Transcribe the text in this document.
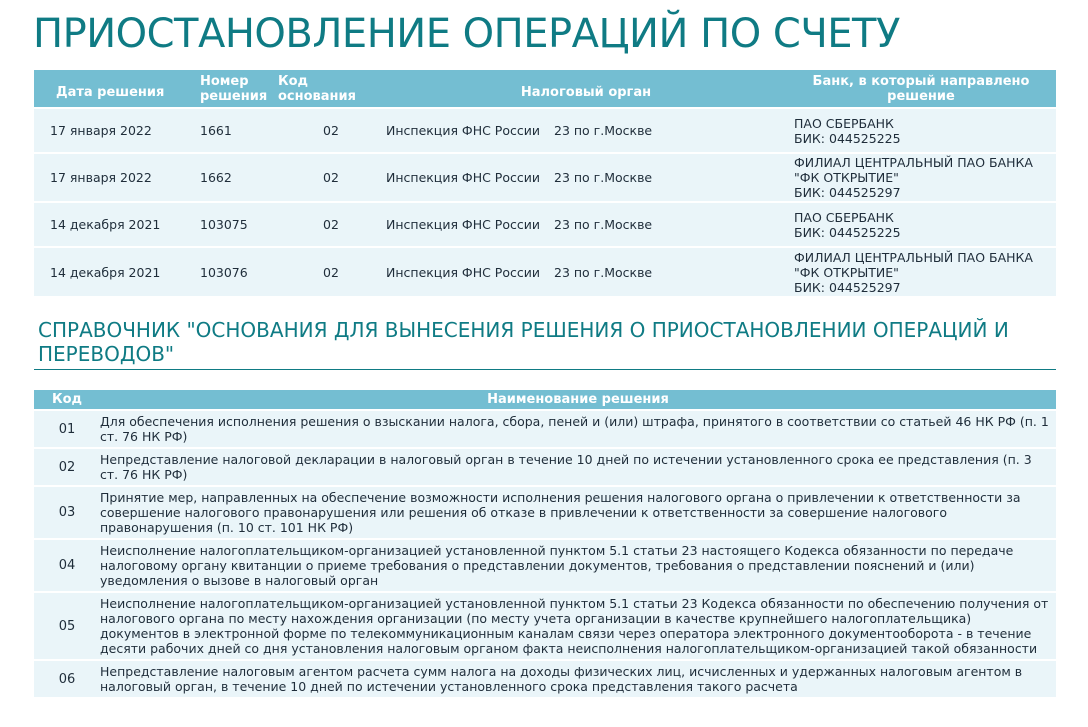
ПРИОСТАНОВЛЕНИЕ ОПЕРАЦИЙ ПО СЧЕТУ
Дата решения	Номер решения	Код основания	Налоговый орган	Банк, в который направлено решение
17 января 2022	1661	02	Инспекция ФНС России 23 по г.Москве	ПАО СБЕРБАНК
БИК: 044525225

17 января 2022	1662	02	Инспекция ФНС России 23 по г.Москве	ФИЛИАЛ ЦЕНТРАЛЬНЫЙ ПАО БАНКА "ФК ОТКРЫТИЕ"
БИК: 044525297

14 декабря 2021	103075	02	Инспекция ФНС России 23 по г.Москве	ПАО СБЕРБАНК
БИК: 044525225

14 декабря 2021	103076	02	Инспекция ФНС России 23 по г.Москве	ФИЛИАЛ ЦЕНТРАЛЬНЫЙ ПАО БАНКА "ФК ОТКРЫТИЕ"
БИК: 044525297
СПРАВОЧНИК "ОСНОВАНИЯ ДЛЯ ВЫНЕСЕНИЯ РЕШЕНИЯ О ПРИОСТАНОВЛЕНИИ ОПЕРАЦИЙ И ПЕРЕВОДОВ"
Код	Наименование решения
01	Для обеспечения исполнения решения о взыскании налога, сбора, пеней и (или) штрафа, принятого в соответствии со статьей 46 НК РФ (п. 1 ст. 76 НК РФ)
02	Непредставление налоговой декларации в налоговый орган в течение 10 дней по истечении установленного срока ее представления (п. 3 ст. 76 НК РФ)
03	Принятие мер, направленных на обеспечение возможности исполнения решения налогового органа о привлечении к ответственности за совершение налогового правонарушения или решения об отказе в привлечении к ответственности за совершение налогового правонарушения (п. 10 ст. 101 НК РФ)
04	Неисполнение налогоплательщиком-организацией установленной пунктом 5.1 статьи 23 настоящего Кодекса обязанности по передаче налоговому органу квитанции о приеме требования о представлении документов, требования о представлении пояснений и (или) уведомления о вызове в налоговый орган
05	Неисполнение налогоплательщиком-организацией установленной пунктом 5.1 статьи 23 Кодекса обязанности по обеспечению получения от налогового органа по месту нахождения организации (по месту учета организации в качестве крупнейшего налогоплательщика) документов в электронной форме по телекоммуникационным каналам связи через оператора электронного документооборота - в течение десяти рабочих дней со дня установления налоговым органом факта неисполнения налогоплательщиком-организацией такой обязанности
06	Непредставление налоговым агентом расчета сумм налога на доходы физических лиц, исчисленных и удержанных налоговым агентом в налоговый орган, в течение 10 дней по истечении установленного срока представления такого расчета
